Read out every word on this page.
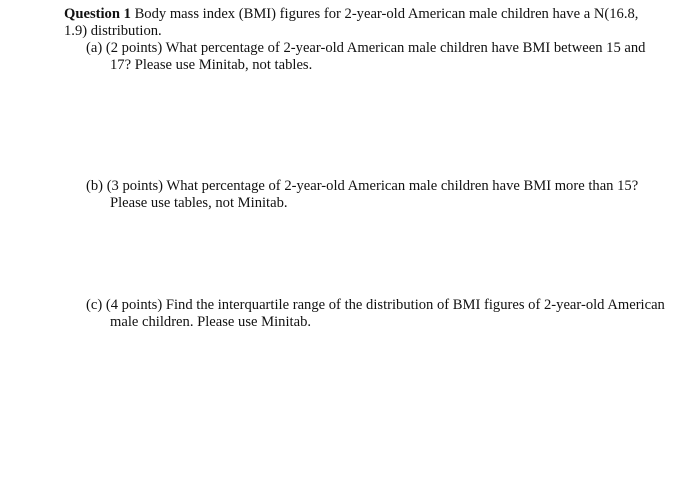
Question 1 Body mass index (BMI) figures for 2-year-old American male children have a N(16.8, 1.9) distribution.
(a) (2 points) What percentage of 2-year-old American male children have BMI between 15 and 17? Please use Minitab, not tables.
(b) (3 points) What percentage of 2-year-old American male children have BMI more than 15? Please use tables, not Minitab.
(c) (4 points) Find the interquartile range of the distribution of BMI figures of 2-year-old American male children. Please use Minitab.
